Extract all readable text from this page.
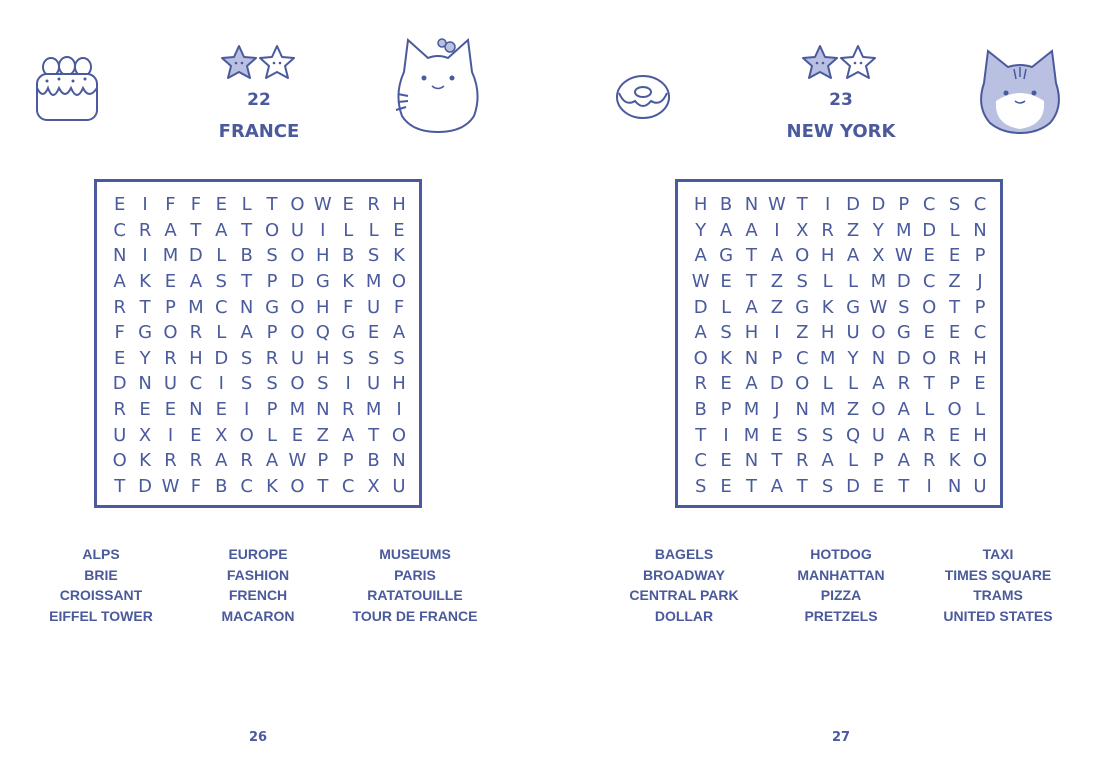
22
FRANCE
E	I	F	F	E	L	T	O	W	E	R	H
C	R	A	T	A	T	O	U	I	L	L	E
N	I	M	D	L	B	S	O	H	B	S	K
A	K	E	A	S	T	P	D	G	K	M	O
R	T	P	M	C	N	G	O	H	F	U	F
F	G	O	R	L	A	P	O	Q	G	E	A
E	Y	R	H	D	S	R	U	H	S	S	S
D	N	U	C	I	S	S	O	S	I	U	H
R	E	E	N	E	I	P	M	N	R	M	I
U	X	I	E	X	O	L	E	Z	A	T	O
O	K	R	R	A	R	A	W	P	P	B	N
T	D	W	F	B	C	K	O	T	C	X	U
ALPS
BRIE
CROISSANT
EIFFEL TOWER
EUROPE
FASHION
FRENCH
MACARON
MUSEUMS
PARIS
RATATOUILLE
TOUR DE FRANCE
26
23
NEW YORK
H	B	N	W	T	I	D	D	P	C	S	C
Y	A	A	I	X	R	Z	Y	M	D	L	N
A	G	T	A	O	H	A	X	W	E	E	P
W	E	T	Z	S	L	L	M	D	C	Z	J
D	L	A	Z	G	K	G	W	S	O	T	P
A	S	H	I	Z	H	U	O	G	E	E	C
O	K	N	P	C	M	Y	N	D	O	R	H
R	E	A	D	O	L	L	A	R	T	P	E
B	P	M	J	N	M	Z	O	A	L	O	L
T	I	M	E	S	S	Q	U	A	R	E	H
C	E	N	T	R	A	L	P	A	R	K	O
S	E	T	A	T	S	D	E	T	I	N	U
BAGELS
BROADWAY
CENTRAL PARK
DOLLAR
HOTDOG
MANHATTAN
PIZZA
PRETZELS
TAXI
TIMES SQUARE
TRAMS
UNITED STATES
27
